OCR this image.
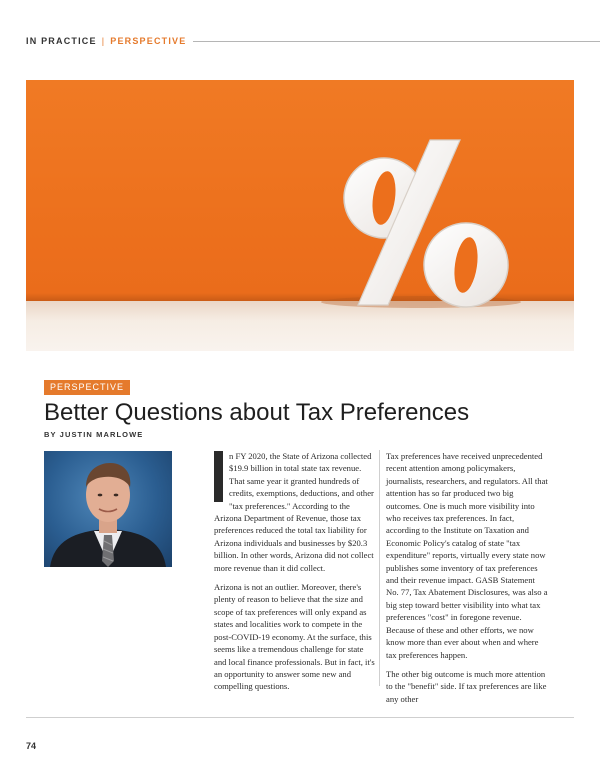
IN PRACTICE | PERSPECTIVE
PERSPECTIVE
Better Questions about Tax Preferences
BY JUSTIN MARLOWE

n FY 2020, the State of Arizona collected $19.9 billion in total state tax revenue. That same year it granted hundreds of credits, exemptions, deductions, and other "tax preferences." According to the Arizona Department of Revenue, those tax preferences reduced the total tax liability for Arizona individuals and businesses by $20.3 billion. In other words, Arizona did not collect more revenue than it did collect.

Arizona is not an outlier. Moreover, there's plenty of reason to believe that the size and scope of tax preferences will only expand as states and localities work to compete in the post-COVID-19 economy. At the surface, this seems like a tremendous challenge for state and local finance professionals. But in fact, it's an opportunity to answer some new and compelling questions.

Tax preferences have received unprecedented recent attention among policymakers, journalists, researchers, and regulators. All that attention has so far produced two big outcomes. One is much more visibility into who receives tax preferences. In fact, according to the Institute on Taxation and Economic Policy's catalog of state "tax expenditure" reports, virtually every state now publishes some inventory of tax preferences and their revenue impact. GASB Statement No. 77, Tax Abatement Disclosures, was also a big step toward better visibility into what tax preferences "cost" in foregone revenue. Because of these and other efforts, we now know more than ever about when and where tax preferences happen.

The other big outcome is much more attention to the "benefit" side. If tax preferences are like any other

74
